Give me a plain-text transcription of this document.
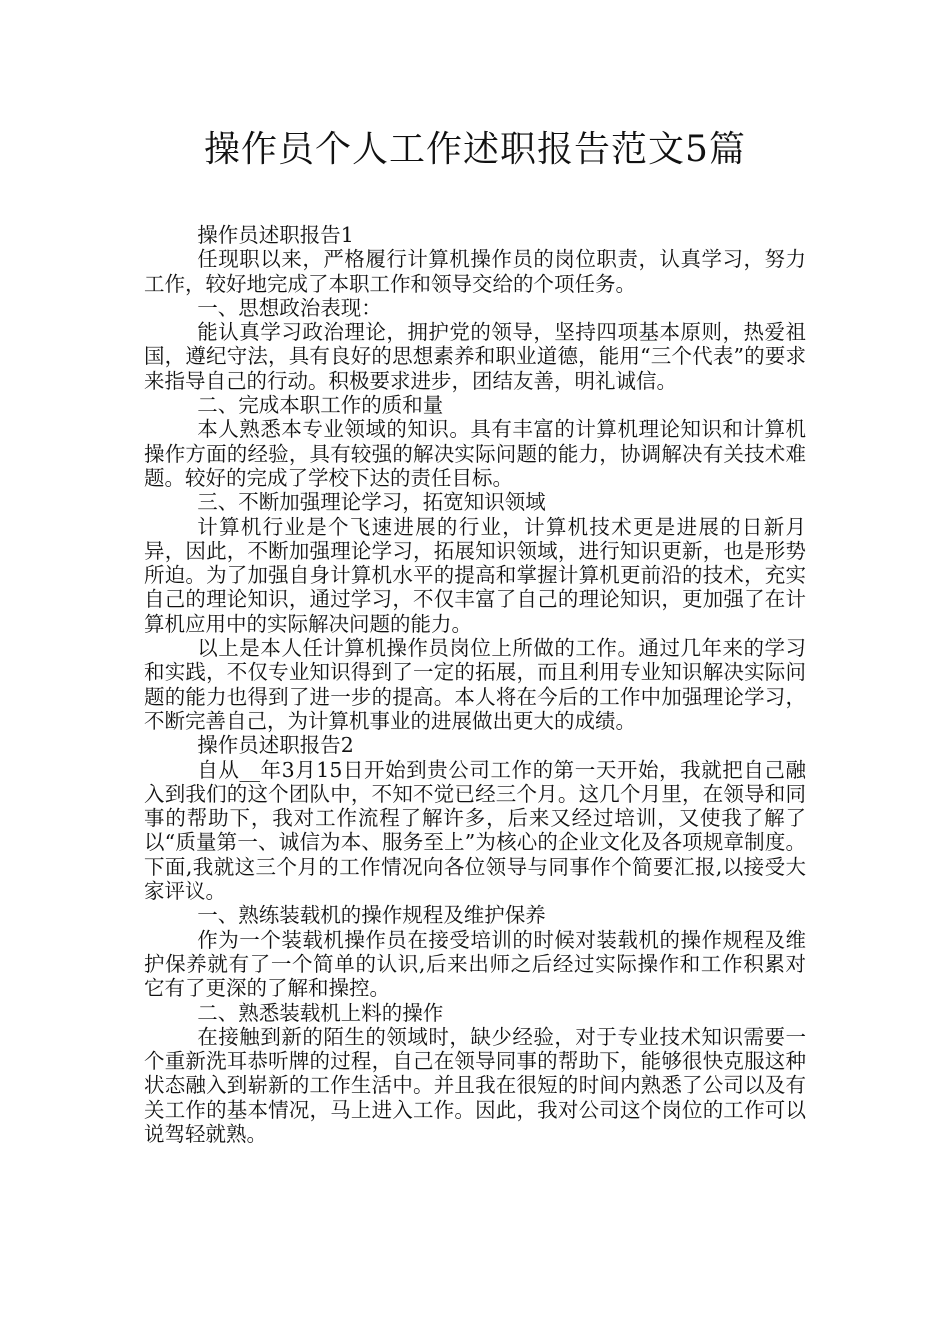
操作员个人工作述职报告范文5篇

操作员述职报告1

任现职以来，严格履行计算机操作员的岗位职责，认真学习，努力工作，较好地完成了本职工作和领导交给的个项任务。

一、思想政治表现：

能认真学习政治理论，拥护党的领导，坚持四项基本原则，热爱祖国，遵纪守法，具有良好的思想素养和职业道德，能用“三个代表”的要求来指导自己的行动。积极要求进步，团结友善，明礼诚信。

二、完成本职工作的质和量

本人熟悉本专业领域的知识。具有丰富的计算机理论知识和计算机操作方面的经验，具有较强的解决实际问题的能力，协调解决有关技术难题。较好的完成了学校下达的责任目标。

三、不断加强理论学习，拓宽知识领域

计算机行业是个飞速进展的行业，计算机技术更是进展的日新月异，因此，不断加强理论学习，拓展知识领域，进行知识更新，也是形势所迫。为了加强自身计算机水平的提高和掌握计算机更前沿的技术，充实自己的理论知识，通过学习，不仅丰富了自己的理论知识，更加强了在计算机应用中的实际解决问题的能力。

以上是本人任计算机操作员岗位上所做的工作。通过几年来的学习和实践，不仅专业知识得到了一定的拓展，而且利用专业知识解决实际问题的能力也得到了进一步的提高。本人将在今后的工作中加强理论学习，不断完善自己，为计算机事业的进展做出更大的成绩。

操作员述职报告2

自从__年3月15日开始到贵公司工作的第一天开始，我就把自己融入到我们的这个团队中，不知不觉已经三个月。这几个月里，在领导和同事的帮助下，我对工作流程了解许多，后来又经过培训，又使我了解了以“质量第一、诚信为本、服务至上”为核心的企业文化及各项规章制度。下面,我就这三个月的工作情况向各位领导与同事作个简要汇报,以接受大家评议。

一、熟练装载机的操作规程及维护保养

作为一个装载机操作员在接受培训的时候对装载机的操作规程及维护保养就有了一个简单的认识,后来出师之后经过实际操作和工作积累对它有了更深的了解和操控。

二、熟悉装载机上料的操作

在接触到新的陌生的领域时，缺少经验，对于专业技术知识需要一个重新洗耳恭听牌的过程，自己在领导同事的帮助下，能够很快克服这种状态融入到崭新的工作生活中。并且我在很短的时间内熟悉了公司以及有关工作的基本情况，马上进入工作。因此，我对公司这个岗位的工作可以说驾轻就熟。
